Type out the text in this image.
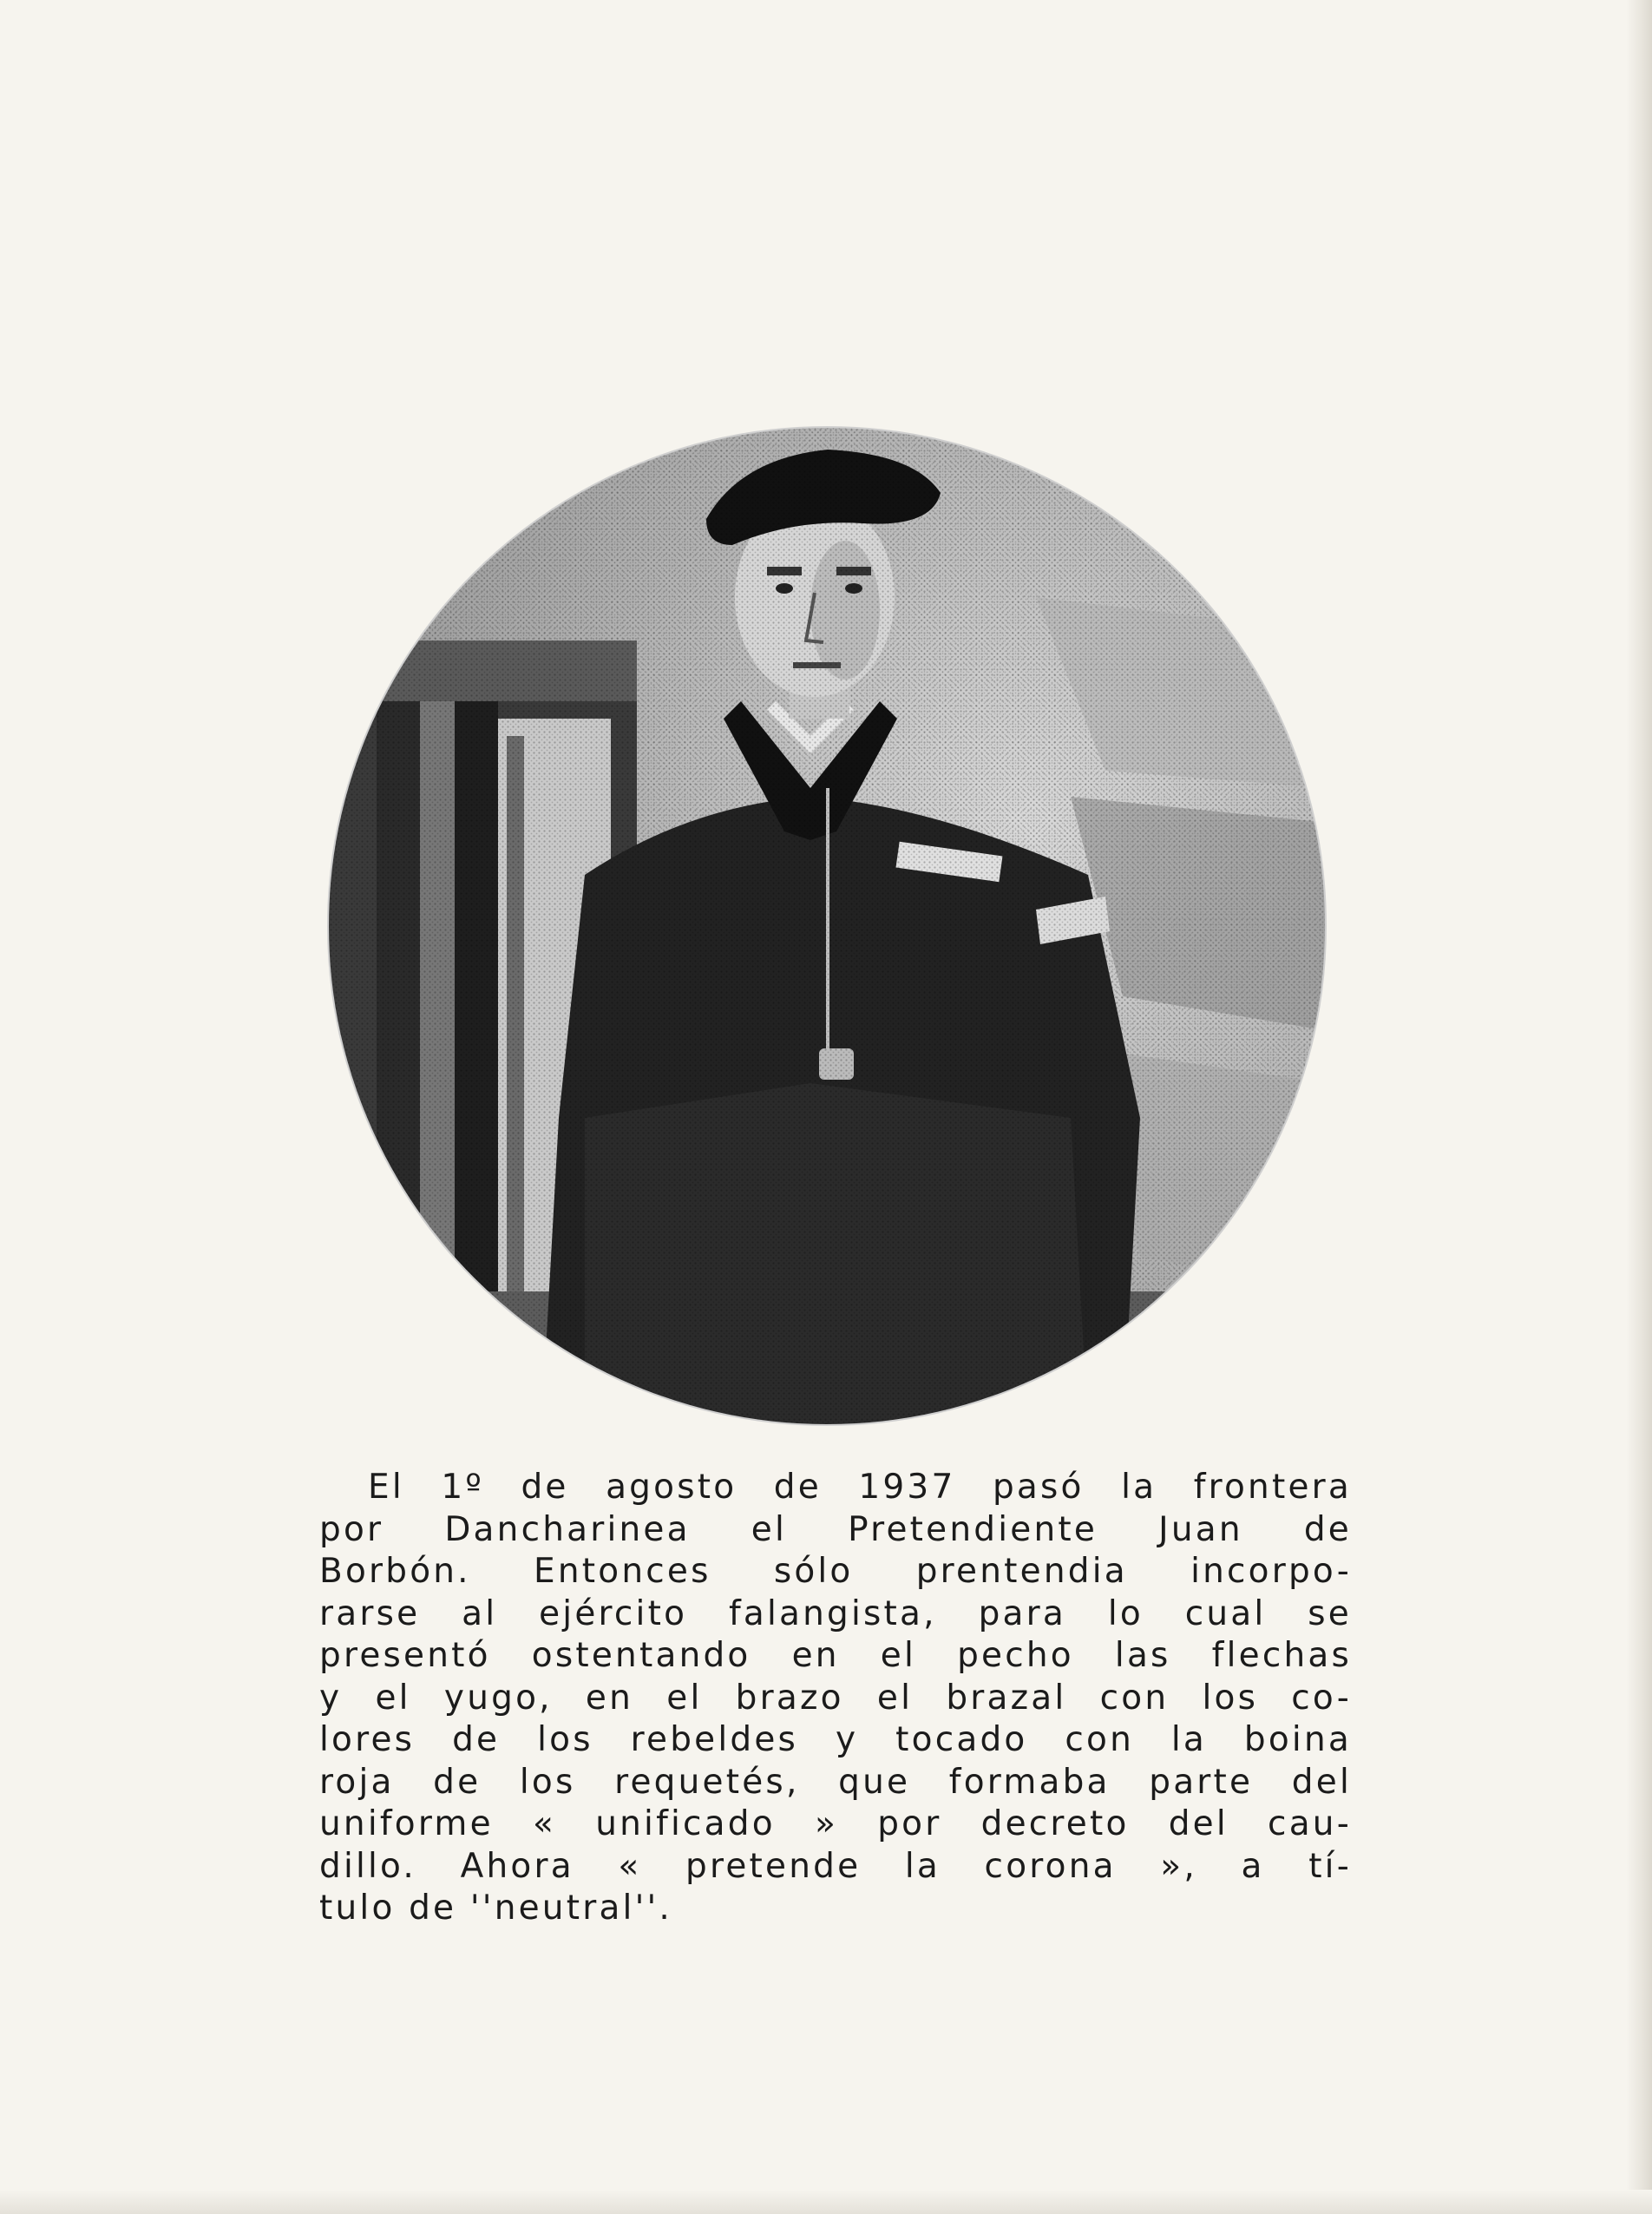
El 1º de agosto de 1937 pasó la frontera
por Dancharinea el Pretendiente Juan de
Borbón. Entonces sólo prentendia incorpo-
rarse al ejército falangista, para lo cual se
presentó ostentando en el pecho las flechas
y el yugo, en el brazo el brazal con los co-
lores de los rebeldes y tocado con la boina
roja de los requetés, que formaba parte del
uniforme « unificado » por decreto del cau-
dillo. Ahora « pretende la corona », a tí-
tulo de ''neutral''.
